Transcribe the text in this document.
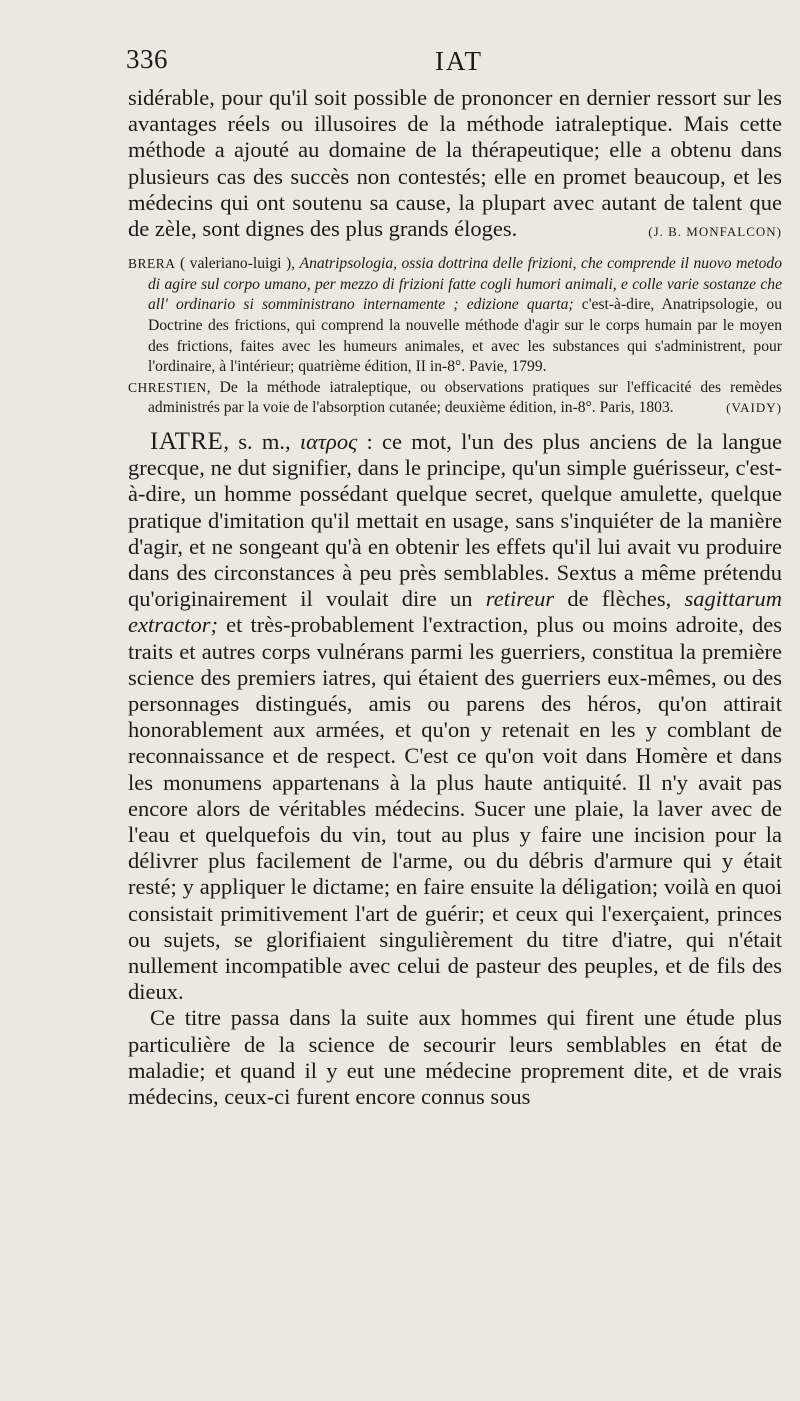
336	IAT

sidérable, pour qu'il soit possible de prononcer en dernier ressort sur les avantages réels ou illusoires de la méthode iatraleptique. Mais cette méthode a ajouté au domaine de la thérapeutique; elle a obtenu dans plusieurs cas des succès non contestés; elle en promet beaucoup, et les médecins qui ont soutenu sa cause, la plupart avec autant de talent que de zèle, sont dignes des plus grands éloges.	(J. B. MONFALCON)

BRERA ( valeriano-luigi ), Anatripsologia, ossia dottrina delle frizioni, che comprende il nuovo metodo di agire sul corpo umano, per mezzo di frizioni fatte cogli humori animali, e colle varie sostanze che all' ordinario si somministrano internamente ; edizione quarta; c'est-à-dire, Anatripsologie, ou Doctrine des frictions, qui comprend la nouvelle méthode d'agir sur le corps humain par le moyen des frictions, faites avec les humeurs animales, et avec les substances qui s'administrent, pour l'ordinaire, à l'intérieur; quatrième édition, II in-8°. Pavie, 1799.

CHRESTIEN, De la méthode iatraleptique, ou observations pratiques sur l'efficacité des remèdes administrés par la voie de l'absorption cutanée; deuxième édition, in-8°. Paris, 1803.	(VAIDY)

IATRE, s. m., ιατρος : ce mot, l'un des plus anciens de la langue grecque, ne dut signifier, dans le principe, qu'un simple guérisseur, c'est-à-dire, un homme possédant quelque secret, quelque amulette, quelque pratique d'imitation qu'il mettait en usage, sans s'inquiéter de la manière d'agir, et ne songeant qu'à en obtenir les effets qu'il lui avait vu produire dans des circonstances à peu près semblables. Sextus a même prétendu qu'originairement il voulait dire un retireur de flèches, sagittarum extractor; et très-probablement l'extraction, plus ou moins adroite, des traits et autres corps vulnérans parmi les guerriers, constitua la première science des premiers iatres, qui étaient des guerriers eux-mêmes, ou des personnages distingués, amis ou parens des héros, qu'on attirait honorablement aux armées, et qu'on y retenait en les y comblant de reconnaissance et de respect. C'est ce qu'on voit dans Homère et dans les monumens appartenans à la plus haute antiquité. Il n'y avait pas encore alors de véritables médecins. Sucer une plaie, la laver avec de l'eau et quelquefois du vin, tout au plus y faire une incision pour la délivrer plus facilement de l'arme, ou du débris d'armure qui y était resté; y appliquer le dictame; en faire ensuite la déligation; voilà en quoi consistait primitivement l'art de guérir; et ceux qui l'exerçaient, princes ou sujets, se glorifiaient singulièrement du titre d'iatre, qui n'était nullement incompatible avec celui de pasteur des peuples, et de fils des dieux.

Ce titre passa dans la suite aux hommes qui firent une étude plus particulière de la science de secourir leurs semblables en état de maladie; et quand il y eut une médecine proprement dite, et de vrais médecins, ceux-ci furent encore connus sous
